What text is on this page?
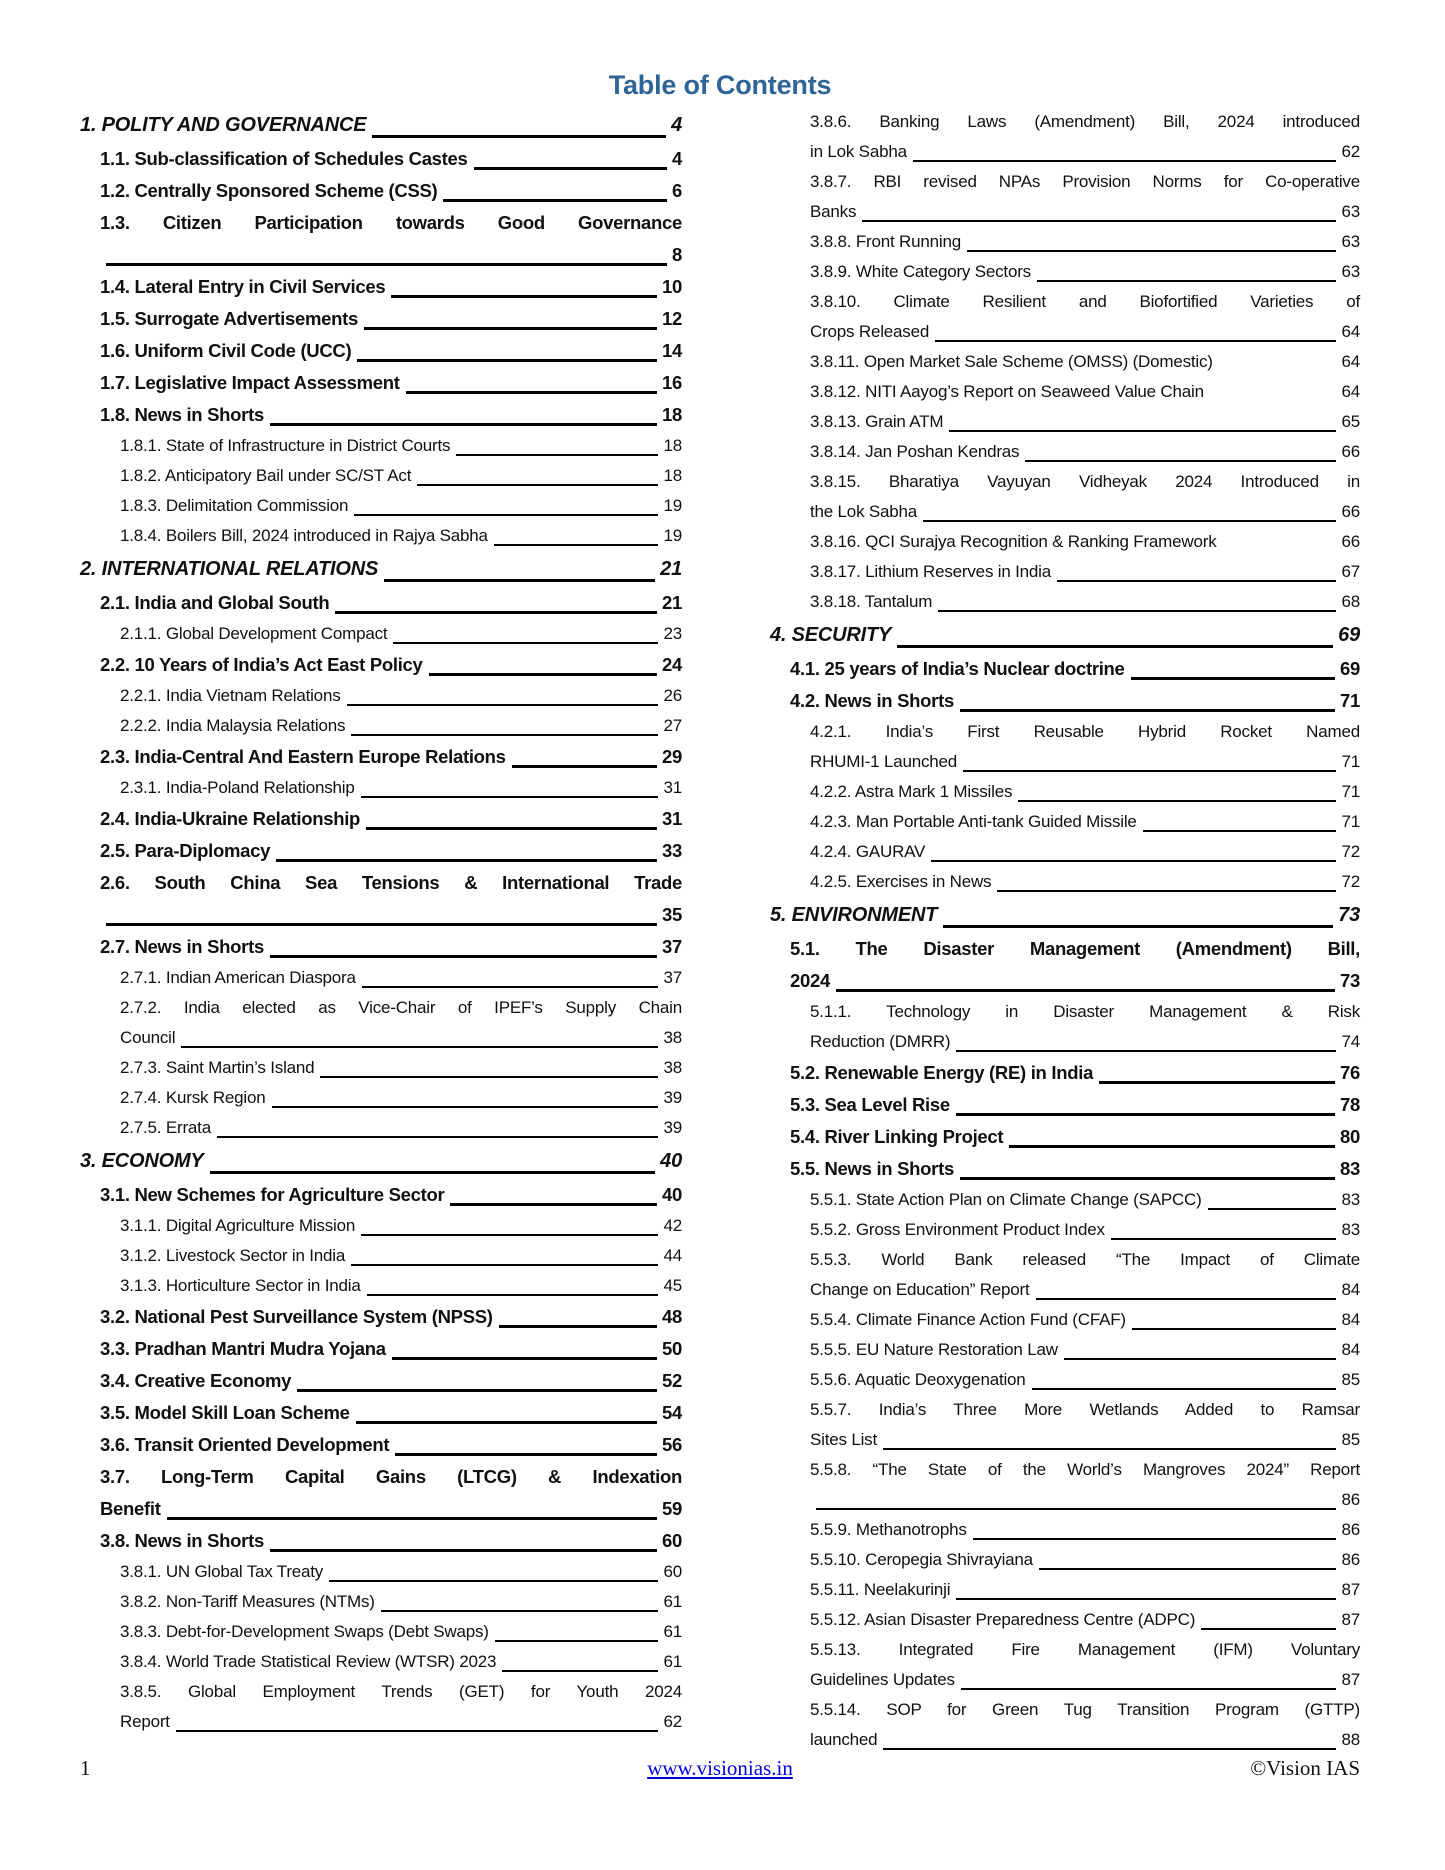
Table of Contents
1. POLITY AND GOVERNANCE	4
1.1. Sub-classification of Schedules Castes	4
1.2. Centrally Sponsored Scheme (CSS)	6
1.3. Citizen Participation towards Good Governance
8
1.4. Lateral Entry in Civil Services	10
1.5. Surrogate Advertisements	12
1.6. Uniform Civil Code (UCC)	14
1.7. Legislative Impact Assessment	16
1.8. News in Shorts	18
1.8.1. State of Infrastructure in District Courts	18
1.8.2. Anticipatory Bail under SC/ST Act	18
1.8.3. Delimitation Commission	19
1.8.4. Boilers Bill, 2024 introduced in Rajya Sabha	19
2. INTERNATIONAL RELATIONS	21
2.1. India and Global South	21
2.1.1. Global Development Compact	23
2.2. 10 Years of India’s Act East Policy	24
2.2.1. India Vietnam Relations	26
2.2.2. India Malaysia Relations	27
2.3. India-Central And Eastern Europe Relations	29
2.3.1. India-Poland Relationship	31
2.4. India-Ukraine Relationship	31
2.5. Para-Diplomacy	33
2.6. South China Sea Tensions & International Trade
35
2.7. News in Shorts	37
2.7.1. Indian American Diaspora	37
2.7.2. India elected as Vice-Chair of IPEF’s Supply Chain
Council	38
2.7.3. Saint Martin’s Island	38
2.7.4. Kursk Region	39
2.7.5. Errata	39
3. ECONOMY	40
3.1. New Schemes for Agriculture Sector	40
3.1.1. Digital Agriculture Mission	42
3.1.2. Livestock Sector in India	44
3.1.3. Horticulture Sector in India	45
3.2. National Pest Surveillance System (NPSS)	48
3.3. Pradhan Mantri Mudra Yojana	50
3.4. Creative Economy	52
3.5. Model Skill Loan Scheme	54
3.6. Transit Oriented Development	56
3.7. Long-Term Capital Gains (LTCG) & Indexation
Benefit	59
3.8. News in Shorts	60
3.8.1. UN Global Tax Treaty	60
3.8.2. Non-Tariff Measures (NTMs)	61
3.8.3. Debt-for-Development Swaps (Debt Swaps)	61
3.8.4. World Trade Statistical Review (WTSR) 2023	61
3.8.5. Global Employment Trends (GET) for Youth 2024
Report	62
3.8.6. Banking Laws (Amendment) Bill, 2024 introduced
in Lok Sabha	62
3.8.7. RBI revised NPAs Provision Norms for Co-operative
Banks	63
3.8.8. Front Running	63
3.8.9. White Category Sectors	63
3.8.10. Climate Resilient and Biofortified Varieties of
Crops Released	64
3.8.11. Open Market Sale Scheme (OMSS) (Domestic)	64
3.8.12. NITI Aayog’s Report on Seaweed Value Chain	64
3.8.13. Grain ATM	65
3.8.14. Jan Poshan Kendras	66
3.8.15. Bharatiya Vayuyan Vidheyak 2024 Introduced in
the Lok Sabha	66
3.8.16. QCI Surajya Recognition & Ranking Framework	66
3.8.17. Lithium Reserves in India	67
3.8.18. Tantalum	68
4. SECURITY	69
4.1. 25 years of India’s Nuclear doctrine	69
4.2. News in Shorts	71
4.2.1. India’s First Reusable Hybrid Rocket Named
RHUMI-1 Launched	71
4.2.2. Astra Mark 1 Missiles	71
4.2.3. Man Portable Anti-tank Guided Missile	71
4.2.4. GAURAV	72
4.2.5. Exercises in News	72
5. ENVIRONMENT	73
5.1. The Disaster Management (Amendment) Bill,
2024	73
5.1.1. Technology in Disaster Management & Risk
Reduction (DMRR)	74
5.2. Renewable Energy (RE) in India	76
5.3. Sea Level Rise	78
5.4. River Linking Project	80
5.5. News in Shorts	83
5.5.1. State Action Plan on Climate Change (SAPCC)	83
5.5.2. Gross Environment Product Index	83
5.5.3. World Bank released “The Impact of Climate
Change on Education” Report	84
5.5.4. Climate Finance Action Fund (CFAF)	84
5.5.5. EU Nature Restoration Law	84
5.5.6. Aquatic Deoxygenation	85
5.5.7. India’s Three More Wetlands Added to Ramsar
Sites List	85
5.5.8. “The State of the World’s Mangroves 2024” Report
86
5.5.9. Methanotrophs	86
5.5.10. Ceropegia Shivrayiana	86
5.5.11. Neelakurinji	87
5.5.12. Asian Disaster Preparedness Centre (ADPC)	87
5.5.13. Integrated Fire Management (IFM) Voluntary
Guidelines Updates	87
5.5.14. SOP for Green Tug Transition Program (GTTP)
launched	88
1	www.visionias.in	©Vision IAS
